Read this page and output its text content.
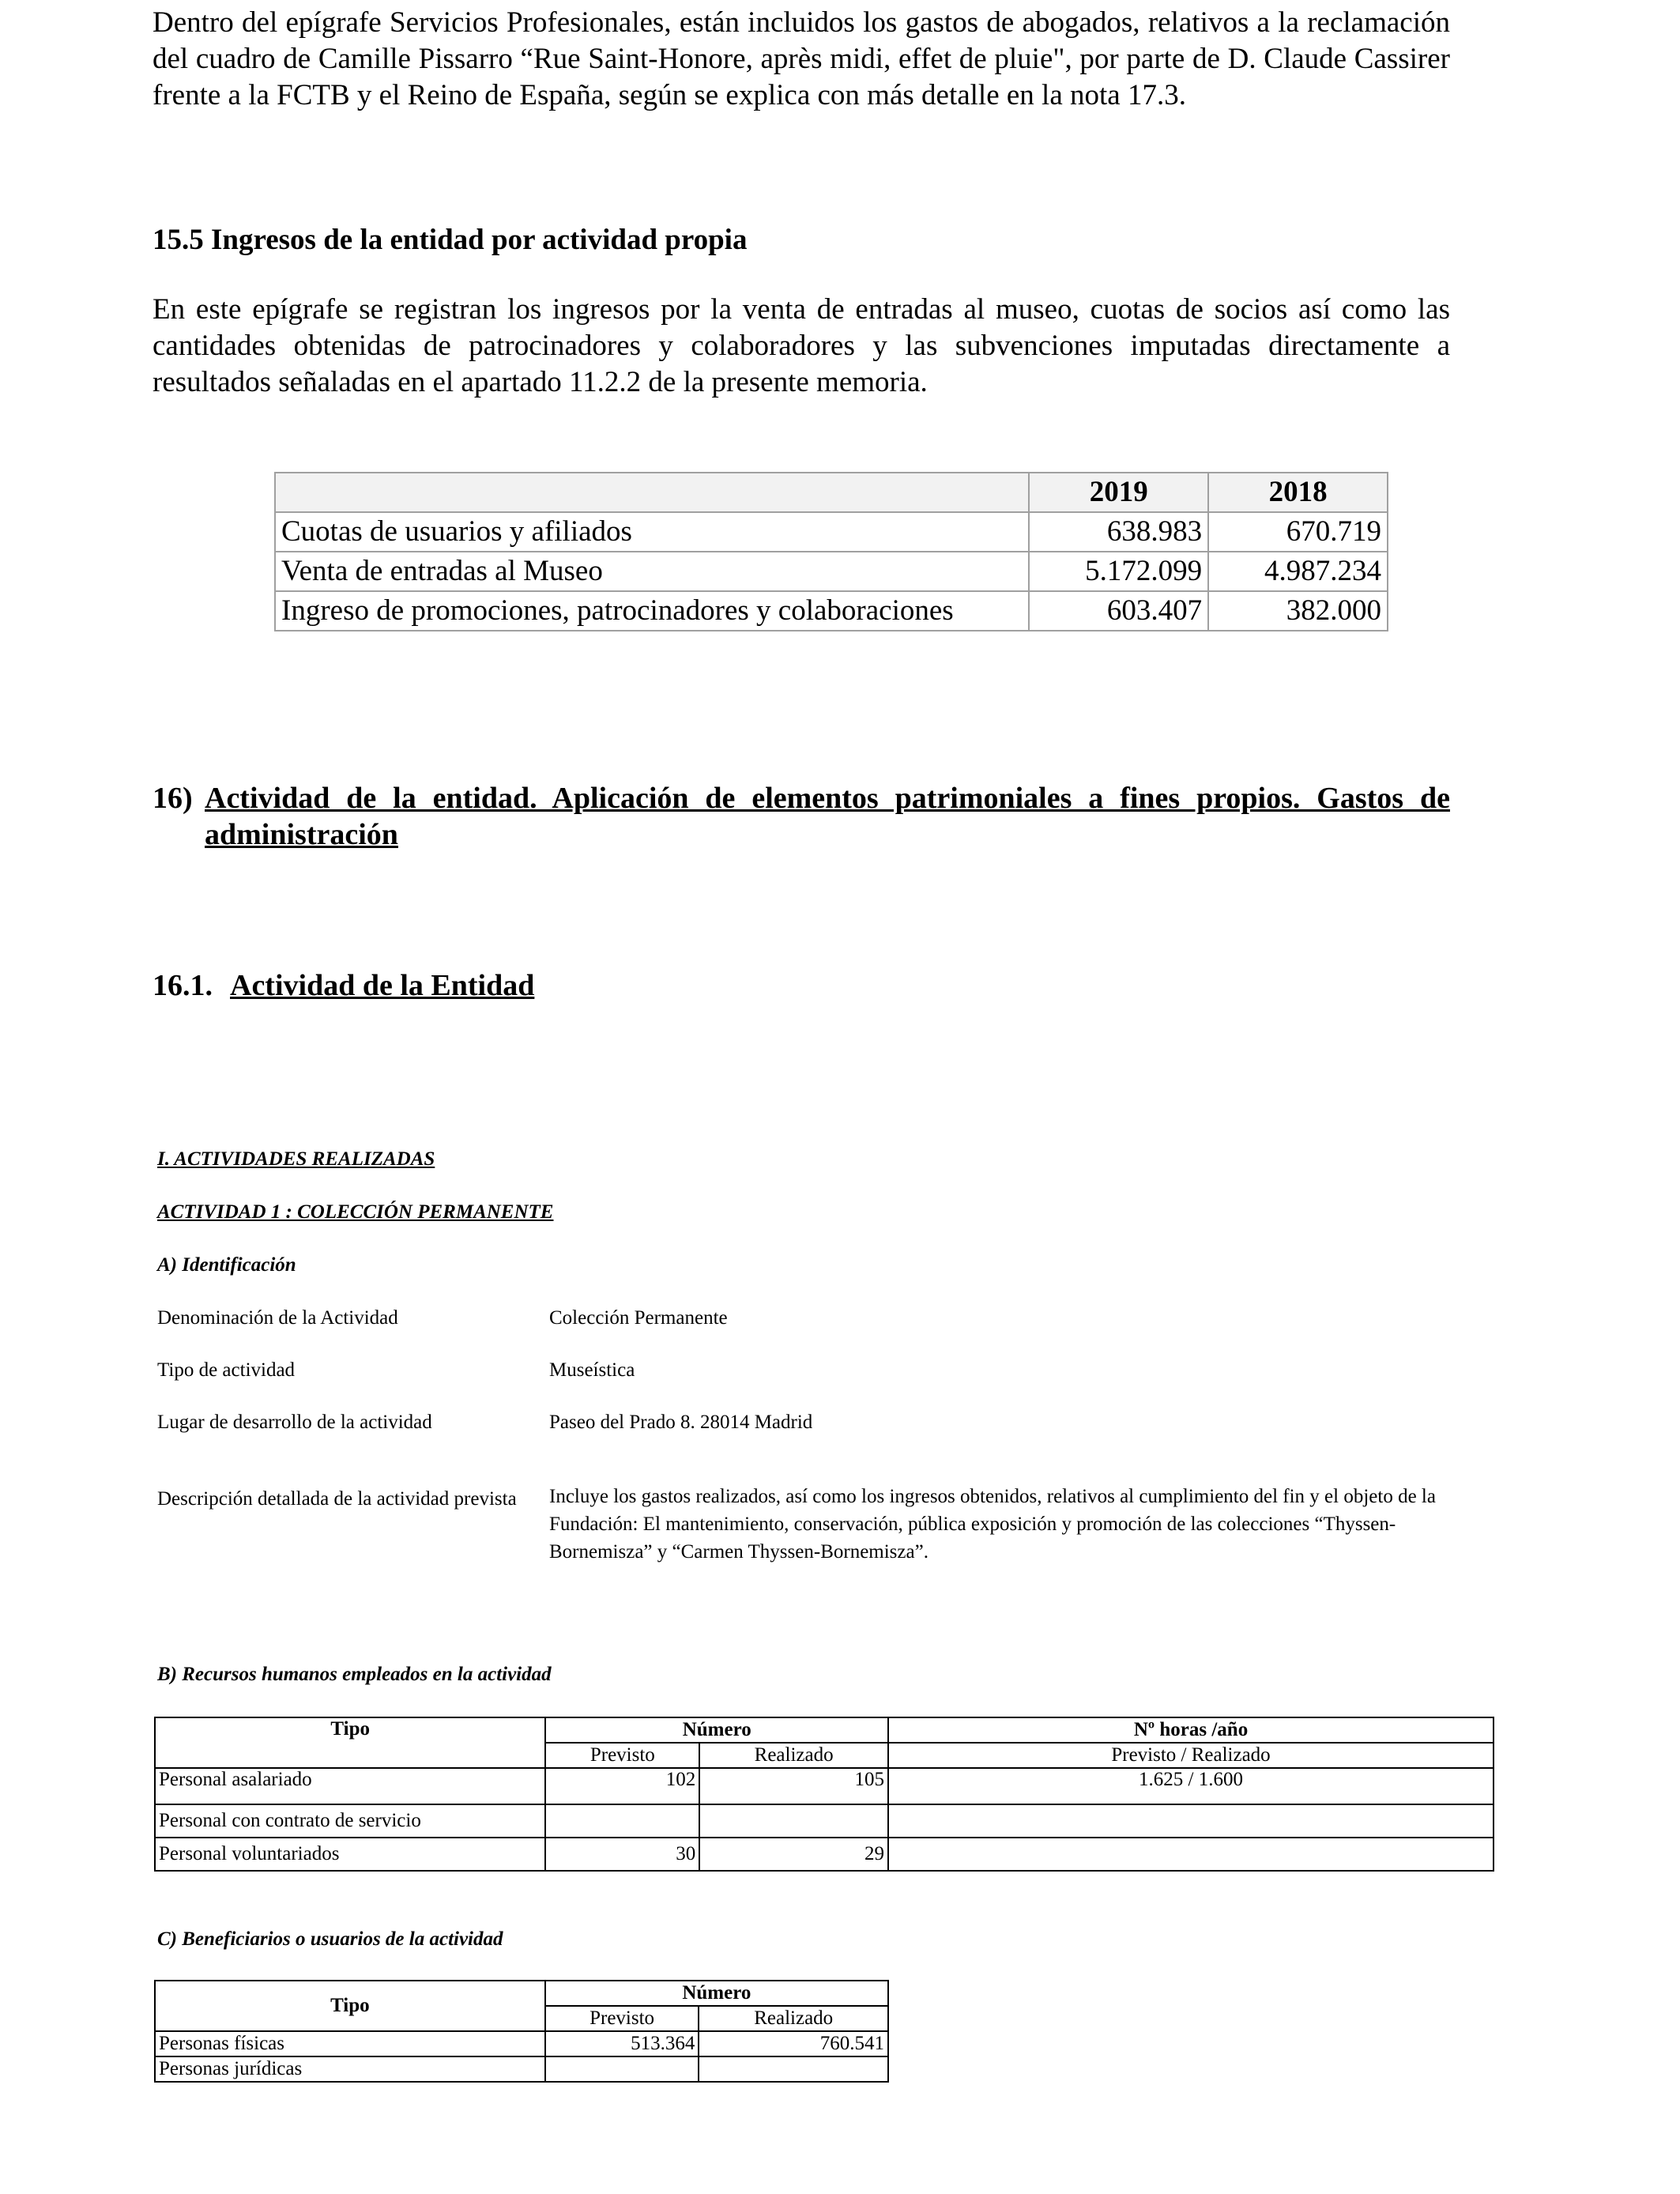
Dentro del epígrafe Servicios Profesionales, están incluidos los gastos de abogados, relativos a la reclamación del cuadro de Camille Pissarro “Rue Saint-Honore, après midi, effet de pluie", por parte de D. Claude Cassirer frente a la FCTB y el Reino de España, según se explica con más detalle en la nota 17.3.

15.5 Ingresos de la entidad por actividad propia

En este epígrafe se registran los ingresos por la venta de entradas al museo, cuotas de socios así como las cantidades obtenidas de patrocinadores y colaboradores y las subvenciones imputadas directamente a resultados señaladas en el apartado 11.2.2 de la presente memoria.

	2019	2018
Cuotas de usuarios y afiliados	638.983	670.719
Venta de entradas al Museo	5.172.099	4.987.234
Ingreso de promociones, patrocinadores y colaboraciones	603.407	382.000
16) Actividad de la entidad. Aplicación de elementos patrimoniales a fines propios. Gastos de administración
16.1. Actividad de la Entidad

I. ACTIVIDADES REALIZADAS

ACTIVIDAD 1 : COLECCIÓN PERMANENTE

A) Identificación

Denominación de la Actividad	Colección Permanente

Tipo de actividad	Museística

Lugar de desarrollo de la actividad	Paseo del Prado 8. 28014 Madrid

Descripción detallada de la actividad prevista Incluye los gastos realizados, así como los ingresos obtenidos, relativos al cumplimiento del fin y el objeto de la Fundación: El mantenimiento, conservación, pública exposición y promoción de las colecciones “Thyssen-Bornemisza” y “Carmen Thyssen-Bornemisza”.

B) Recursos humanos empleados en la actividad

Tipo	Número		Nº horas /año
	Previsto	Realizado	Previsto / Realizado
Personal asalariado	102	105	1.625 / 1.600
Personal con contrato de servicio			
Personal voluntariados	30	29	

C) Beneficiarios o usuarios de la actividad

Tipo	Número	
	Previsto	Realizado
Personas físicas	513.364	760.541
Personas jurídicas		
